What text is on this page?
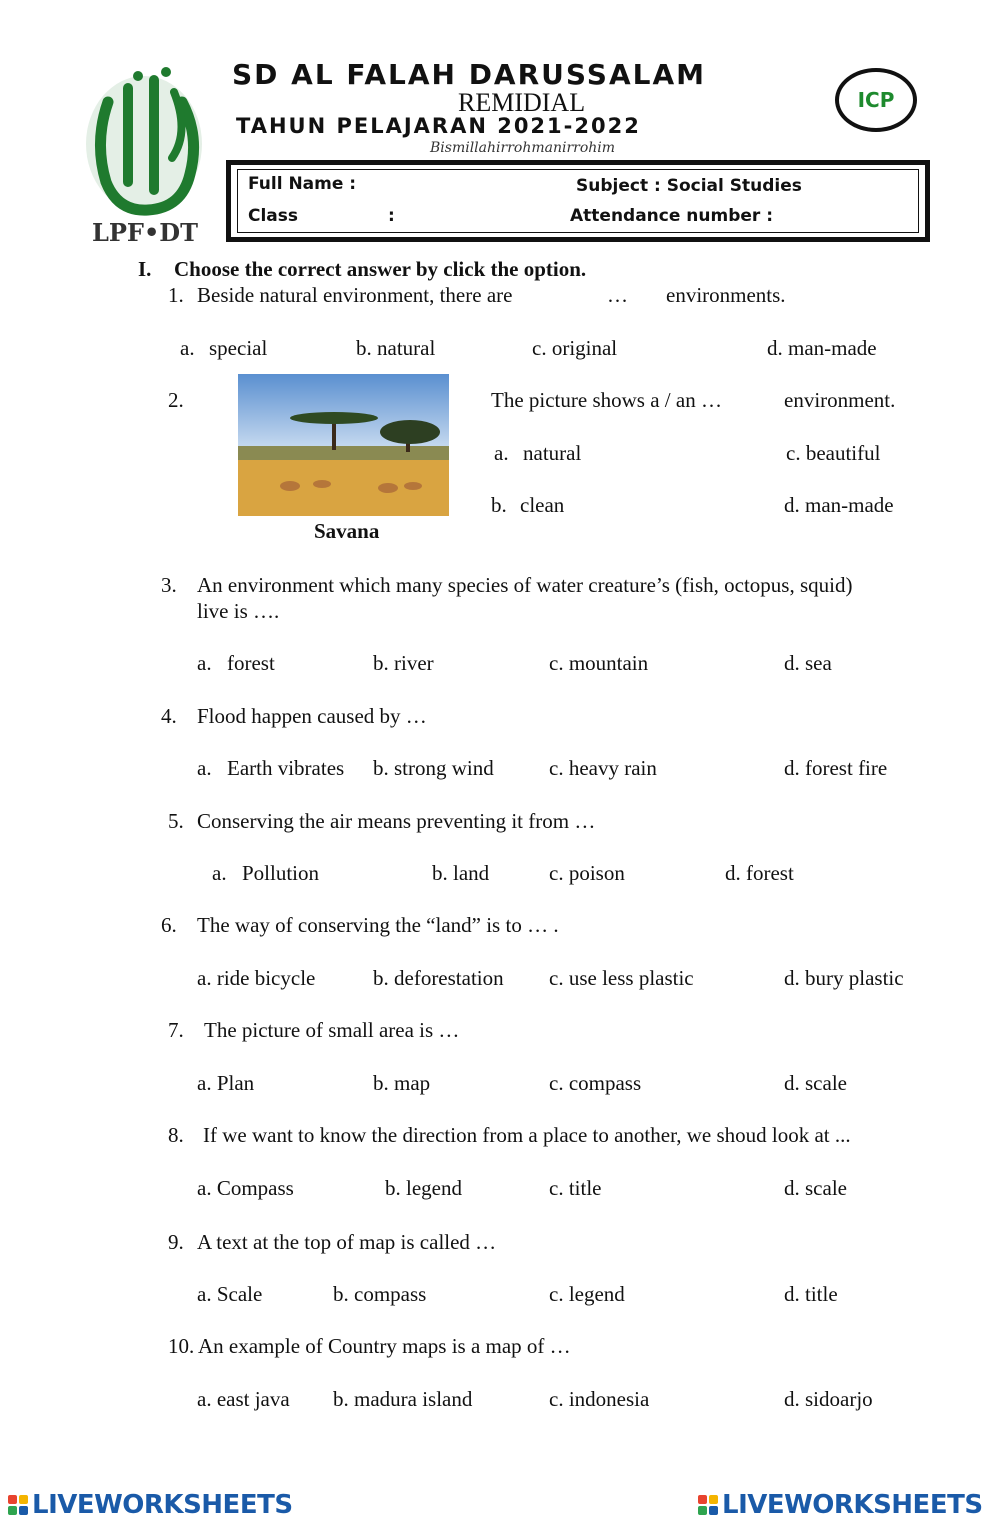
LPF•DT
SD AL FALAH DARUSSALAM
REMIDIAL
TAHUN PELAJARAN 2021-2022
Bismillahirrohmanirrohim
ICP
Full Name :
Class	:
Subject : Social Studies
Attendance number :
I. Choose the correct answer by click the option.
1. Beside natural environment, there are	… environments.
a. special	b. natural	c. original	d. man-made
2.
Savana
The picture shows a / an …	environment.
a. natural	c. beautiful
b. clean	d. man-made
3. An environment which many species of water creature’s (fish, octopus, squid)
live is ….
a. forest	b. river	c. mountain	d. sea
4. Flood happen caused by …
a. Earth vibrates b. strong wind	c. heavy rain	d. forest fire
5. Conserving the air means preventing it from …
a. Pollution	b. land	c. poison	d. forest
6. The way of conserving the “land” is to … .
a. ride bicycle	b. deforestation c. use less plastic	d. bury plastic
7. The picture of small area is …
a. Plan	b. map	c. compass	d. scale
8. If we want to know the direction from a place to another, we shoud look at ...
a. Compass	b. legend	c. title	d. scale
9. A text at the top of map is called …
a. Scale	b. compass	c. legend	d. title
10. An example of Country maps is a map of …
a. east java b. madura island	c. indonesia	d. sidoarjo
LIVEWORKSHEETS	LIVEWORKSHEETS
